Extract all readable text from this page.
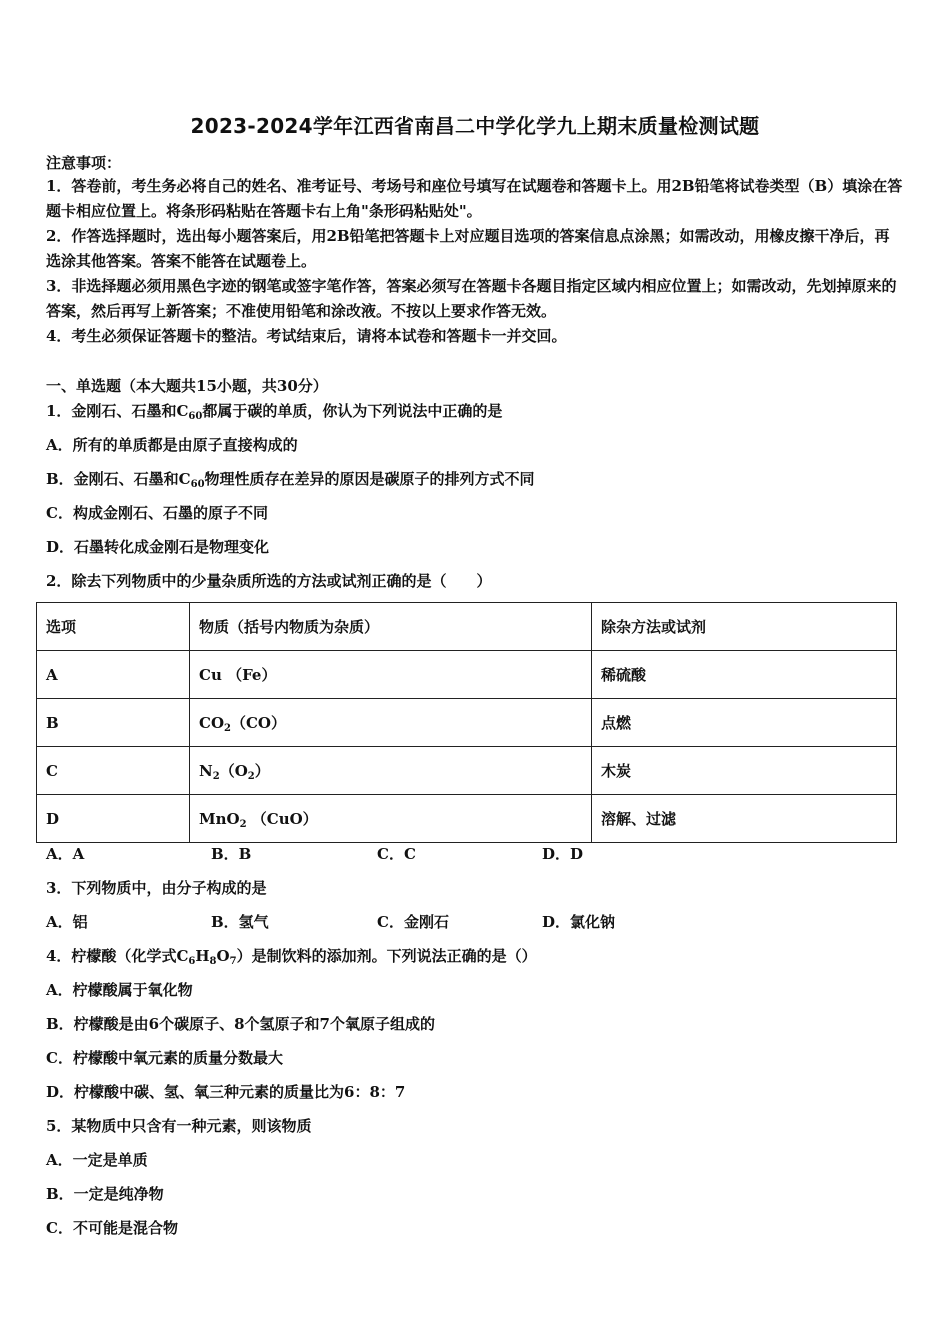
2023-2024学年江西省南昌二中学化学九上期末质量检测试题
注意事项：
1．答卷前，考生务必将自己的姓名、准考证号、考场号和座位号填写在试题卷和答题卡上。用2B铅笔将试卷类型（B）填涂在答题卡相应位置上。将条形码粘贴在答题卡右上角"条形码粘贴处"。
2．作答选择题时，选出每小题答案后，用2B铅笔把答题卡上对应题目选项的答案信息点涂黑；如需改动，用橡皮擦干净后，再选涂其他答案。答案不能答在试题卷上。
3．非选择题必须用黑色字迹的钢笔或签字笔作答，答案必须写在答题卡各题目指定区域内相应位置上；如需改动，先划掉原来的答案，然后再写上新答案；不准使用铅笔和涂改液。不按以上要求作答无效。
4．考生必须保证答题卡的整洁。考试结束后，请将本试卷和答题卡一并交回。
一、单选题（本大题共15小题，共30分）
1．金刚石、石墨和$C_{60}$都属于碳的单质，你认为下列说法中正确的是
A．所有的单质都是由原子直接构成的
B．金刚石、石墨和$C_{60}$物理性质存在差异的原因是碳原子的排列方式不同
C．构成金刚石、石墨的原子不同
D．石墨转化成金刚石是物理变化
2．除去下列物质中的少量杂质所选的方法或试剂正确的是（　　）
选项	物质（括号内物质为杂质）	除杂方法或试剂
A	Cu （Fe）	稀硫酸
B	$CO_2(CO)$	点燃
C	$N_2(O_2)$	木炭
D	MnO$_2$ （CuO）	溶解、过滤
A．A	B．B	C．C	D．D
3．下列物质中，由分子构成的是
A．铝	B．氢气	C．金刚石	D．氯化钠
4．柠檬酸（化学式$C_6H_8O_7$）是制饮料的添加剂。下列说法正确的是（）
A．柠檬酸属于氧化物
B．柠檬酸是由6个碳原子、8个氢原子和7个氧原子组成的
C．柠檬酸中氧元素的质量分数最大
D．柠檬酸中碳、氢、氧三种元素的质量比为6：8：7
5．某物质中只含有一种元素，则该物质
A．一定是单质
B．一定是纯净物
C．不可能是混合物
